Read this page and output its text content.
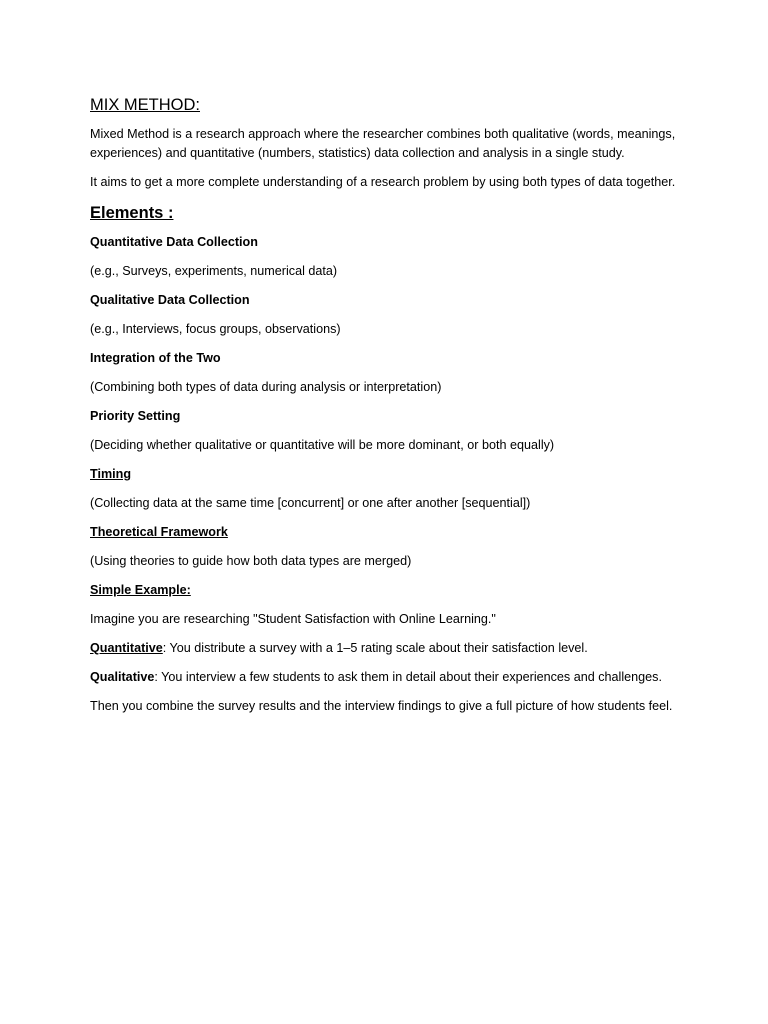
MIX METHOD:

Mixed Method is a research approach where the researcher combines both qualitative (words, meanings, experiences) and quantitative (numbers, statistics) data collection and analysis in a single study.

It aims to get a more complete understanding of a research problem by using both types of data together.

Elements :

Quantitative Data Collection

(e.g., Surveys, experiments, numerical data)

Qualitative Data Collection

(e.g., Interviews, focus groups, observations)

Integration of the Two

(Combining both types of data during analysis or interpretation)

Priority Setting

(Deciding whether qualitative or quantitative will be more dominant, or both equally)

Timing

(Collecting data at the same time [concurrent] or one after another [sequential])

Theoretical Framework

(Using theories to guide how both data types are merged)

Simple Example:

Imagine you are researching "Student Satisfaction with Online Learning."

Quantitative: You distribute a survey with a 1–5 rating scale about their satisfaction level.

Qualitative: You interview a few students to ask them in detail about their experiences and challenges.

Then you combine the survey results and the interview findings to give a full picture of how students feel.
